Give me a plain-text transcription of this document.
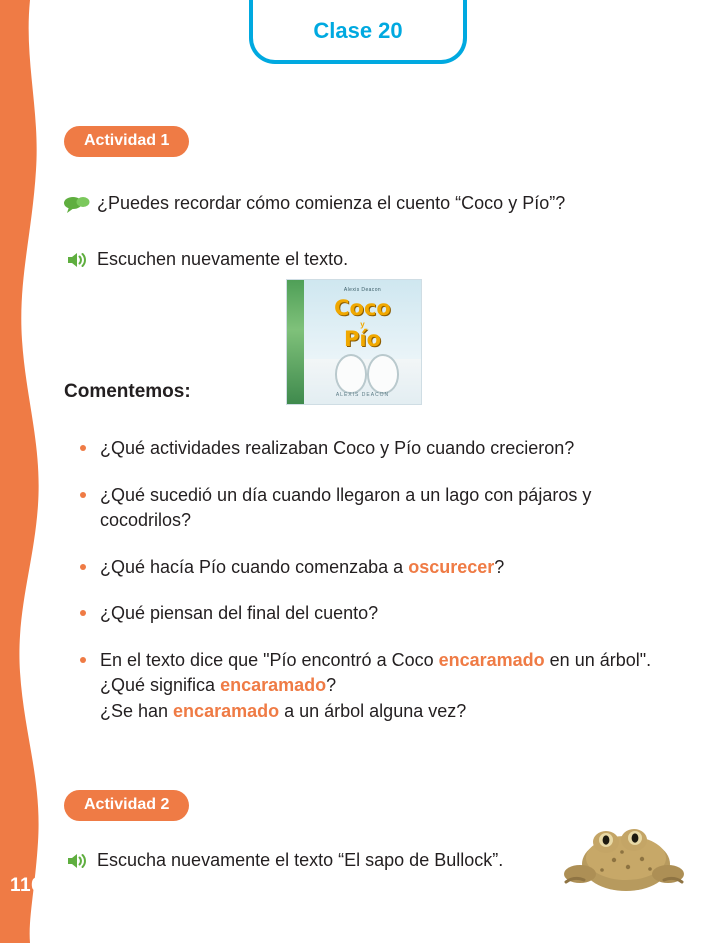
116
Clase 20
Actividad 1
¿Puedes recordar cómo comienza el cuento “Coco y Pío”?
Escuchen nuevamente el texto.
Alexis Deacon
Coco
y
Pío
ALEXIS DEACON
Comentemos:
¿Qué actividades realizaban Coco y Pío cuando crecieron?
¿Qué sucedió un día cuando llegaron a un lago con pájaros y cocodrilos?
¿Qué hacía Pío cuando comenzaba a oscurecer?
¿Qué piensan del final del cuento?
En el texto dice que "Pío encontró a Coco encaramado en un árbol". ¿Qué significa encaramado?
¿Se han encaramado a un árbol alguna vez?
Actividad 2
Escucha nuevamente el texto “El sapo de Bullock”.
